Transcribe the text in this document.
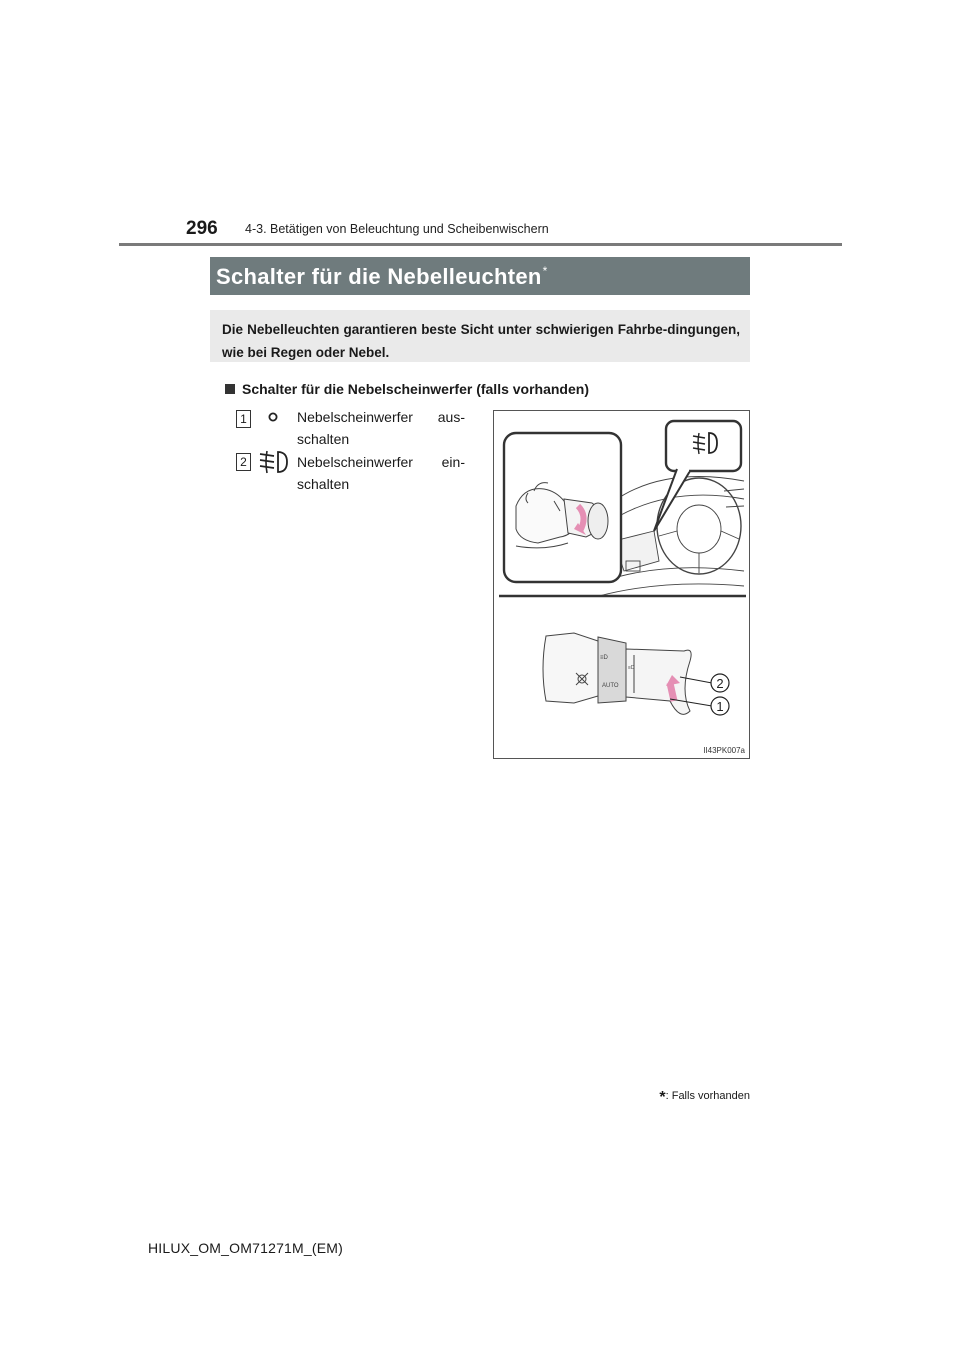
296 4-3. Betätigen von Beleuchtung und Scheibenwischern
Schalter für die Nebelleuchten*
Die Nebelleuchten garantieren beste Sicht unter schwierigen Fahrbe-dingungen, wie bei Regen oder Nebel.
Schalter für die Nebelscheinwerfer (falls vorhanden)
1	Nebelscheinwerfer aus-
schalten
2	Nebelscheinwerfer ein-
schalten
≡D
AUTO
≡D
2
1
II43PK007a
*: Falls vorhanden
HILUX_OM_OM71271M_(EM)
